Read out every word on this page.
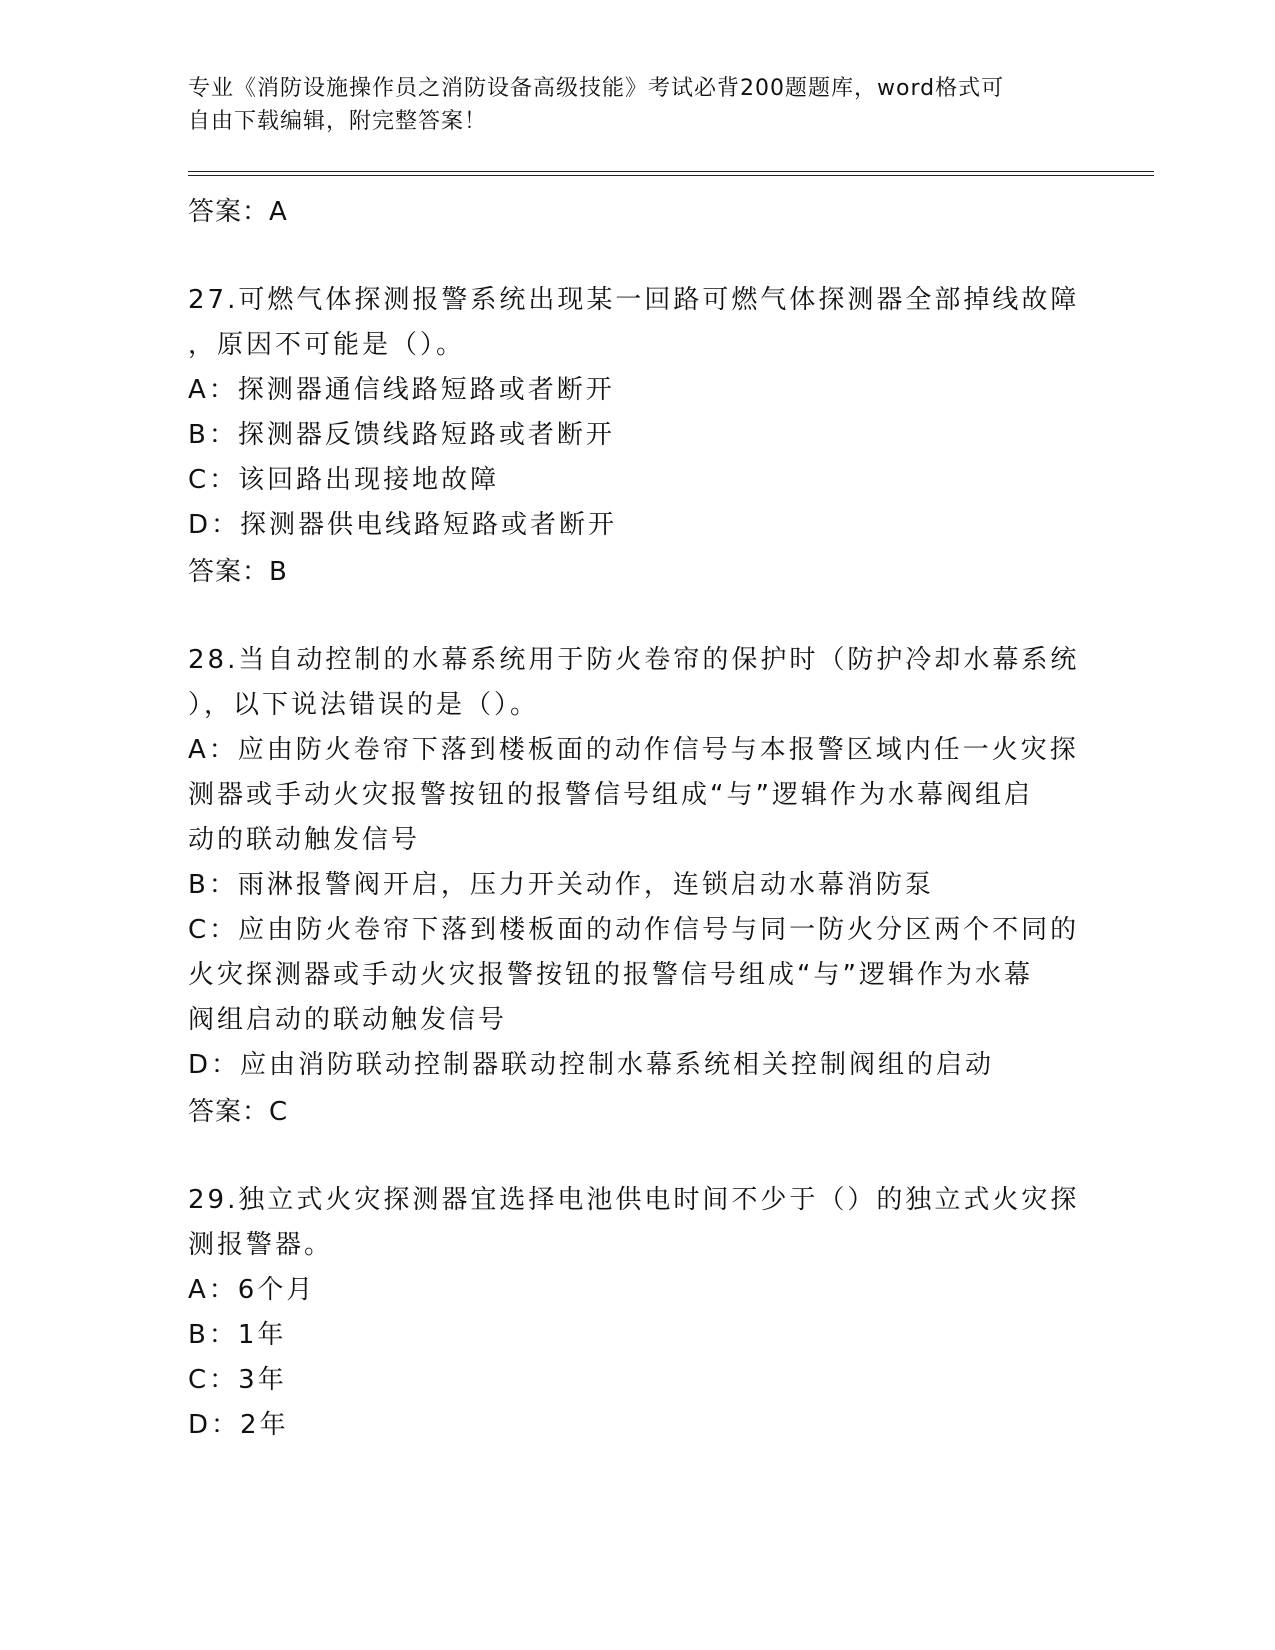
专业《消防设施操作员之消防设备高级技能》考试必背200题题库，word格式可
自由下载编辑，附完整答案！
答案：A
27.可燃气体探测报警系统出现某一回路可燃气体探测器全部掉线故障
，原因不可能是（）。
A：探测器通信线路短路或者断开
B：探测器反馈线路短路或者断开
C：该回路出现接地故障
D：探测器供电线路短路或者断开
答案：B
28.当自动控制的水幕系统用于防火卷帘的保护时（防护冷却水幕系统
），以下说法错误的是（）。
A：应由防火卷帘下落到楼板面的动作信号与本报警区域内任一火灾探
测器或手动火灾报警按钮的报警信号组成“与”逻辑作为水幕阀组启
动的联动触发信号
B：雨淋报警阀开启，压力开关动作，连锁启动水幕消防泵
C：应由防火卷帘下落到楼板面的动作信号与同一防火分区两个不同的
火灾探测器或手动火灾报警按钮的报警信号组成“与”逻辑作为水幕
阀组启动的联动触发信号
D：应由消防联动控制器联动控制水幕系统相关控制阀组的启动
答案：C
29.独立式火灾探测器宜选择电池供电时间不少于（）的独立式火灾探
测报警器。
A：6个月
B：1年
C：3年
D：2年
